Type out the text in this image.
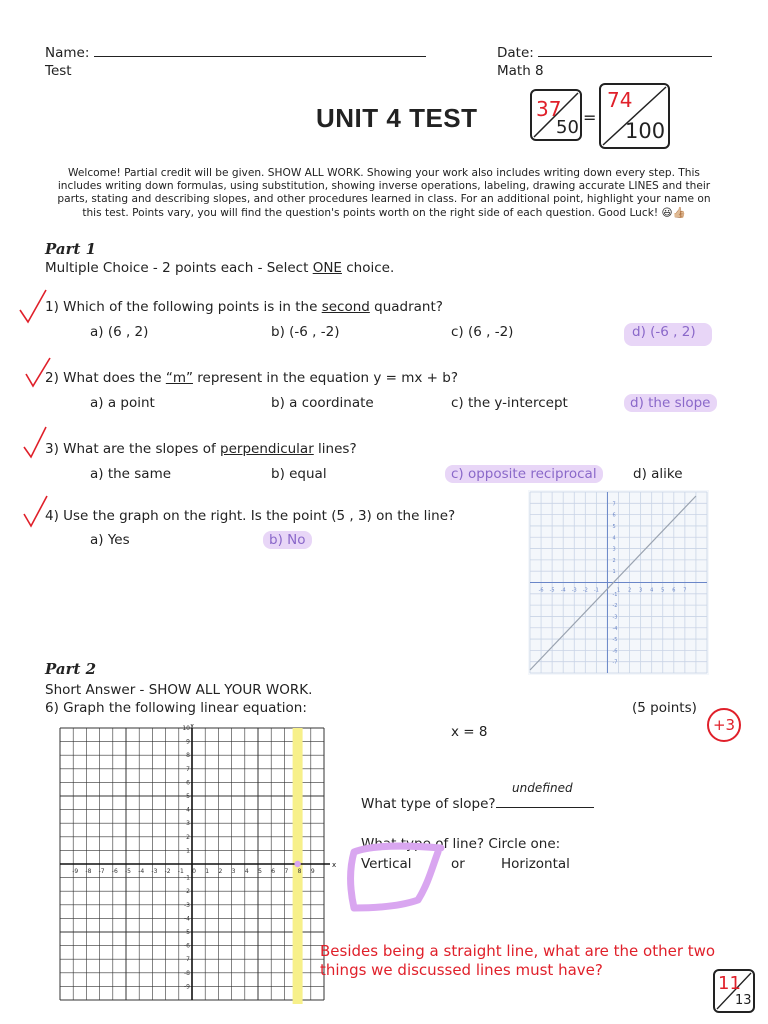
Name:
Test
Date:
Math 8
UNIT 4 TEST	37
50 =
74
100
Welcome! Partial credit will be given. SHOW ALL WORK. Showing your work also includes writing down every step. This includes writing down formulas, using substitution, showing inverse operations, labeling, drawing accurate LINES and their parts, stating and describing slopes, and other procedures learned in class. For an additional point, highlight your name on this test. Points vary, you will find the question's points worth on the right side of each question. Good Luck! 😃👍🏼
Part 1
Multiple Choice - 2 points each - Select ONE choice.
1) Which of the following points is in the second quadrant?
a) (6 , 2)	b) (-6 , -2)	c) (6 , -2)	d) (-6 , 2)
2) What does the “m” represent in the equation y = mx + b?
a) a point	b) a coordinate	c) the y-intercept	d) the slope
3) What are the slopes of perpendicular lines?
a) the same	b) equal	c) opposite reciprocal	d) alike
4) Use the graph on the right. Is the point (5 , 3) on the line?
a) Yes	b) No
-6 -5 -4 -3 -2 -1	1 2 3 4 5 6 7
7
6
5
4
3
2
1
-1
-2
-3
-4
-5
-6
-7
Part 2
Short Answer - SHOW ALL YOUR WORK.
6) Graph the following linear equation:	(5 points)
+3
x = 8
x
y
-9 -8 -7 -6 -5 -4 -3 -2 -1 0 1 2 3 4 5 6 7 8 9
10
9
8
7
6
5
4
3
2
1
-1
-2
-3
-4
-5
-6
-7
-8
-9
undefined
What type of slope?
What type of line? Circle one:
Vertical	or	Horizontal
Besides being a straight line, what are the other two things we discussed lines must have?
11
13
